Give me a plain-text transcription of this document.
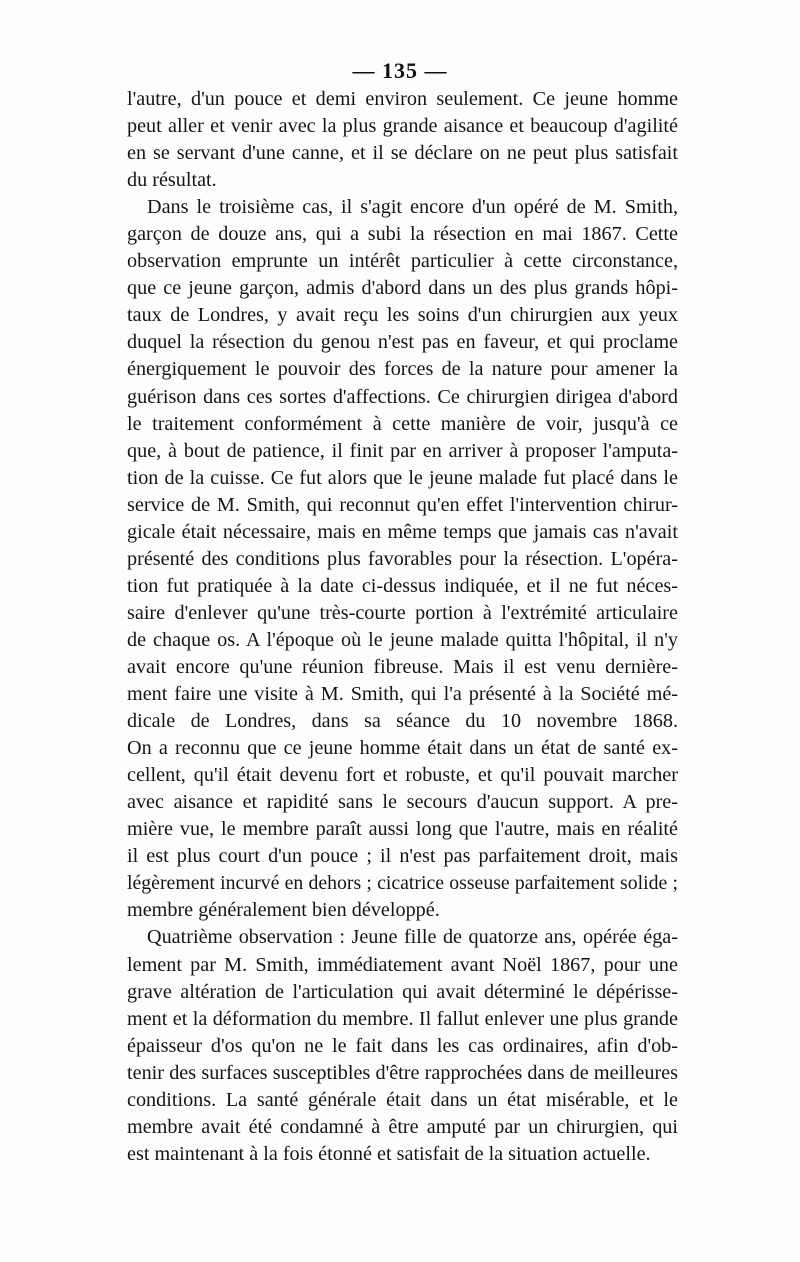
— 135 —

l'autre, d'un pouce et demi environ seulement. Ce jeune homme
peut aller et venir avec la plus grande aisance et beaucoup d'agilité
en se servant d'une canne, et il se déclare on ne peut plus satisfait
du résultat.

Dans le troisième cas, il s'agit encore d'un opéré de M. Smith,
garçon de douze ans, qui a subi la résection en mai 1867. Cette
observation emprunte un intérêt particulier à cette circonstance,
que ce jeune garçon, admis d'abord dans un des plus grands hôpi-
taux de Londres, y avait reçu les soins d'un chirurgien aux yeux
duquel la résection du genou n'est pas en faveur, et qui proclame
énergiquement le pouvoir des forces de la nature pour amener la
guérison dans ces sortes d'affections. Ce chirurgien dirigea d'abord
le traitement conformément à cette manière de voir, jusqu'à ce
que, à bout de patience, il finit par en arriver à proposer l'amputa-
tion de la cuisse. Ce fut alors que le jeune malade fut placé dans le
service de M. Smith, qui reconnut qu'en effet l'intervention chirur-
gicale était nécessaire, mais en même temps que jamais cas n'avait
présenté des conditions plus favorables pour la résection. L'opéra-
tion fut pratiquée à la date ci-dessus indiquée, et il ne fut néces-
saire d'enlever qu'une très-courte portion à l'extrémité articulaire
de chaque os. A l'époque où le jeune malade quitta l'hôpital, il n'y
avait encore qu'une réunion fibreuse. Mais il est venu dernière-
ment faire une visite à M. Smith, qui l'a présenté à la Société mé-
dicale de Londres, dans sa séance du 10 novembre 1868.
On a reconnu que ce jeune homme était dans un état de santé ex-
cellent, qu'il était devenu fort et robuste, et qu'il pouvait marcher
avec aisance et rapidité sans le secours d'aucun support. A pre-
mière vue, le membre paraît aussi long que l'autre, mais en réalité
il est plus court d'un pouce ; il n'est pas parfaitement droit, mais
légèrement incurvé en dehors ; cicatrice osseuse parfaitement solide ;
membre généralement bien développé.

Quatrième observation : Jeune fille de quatorze ans, opérée éga-
lement par M. Smith, immédiatement avant Noël 1867, pour une
grave altération de l'articulation qui avait déterminé le dépérisse-
ment et la déformation du membre. Il fallut enlever une plus grande
épaisseur d'os qu'on ne le fait dans les cas ordinaires, afin d'ob-
tenir des surfaces susceptibles d'être rapprochées dans de meilleures
conditions. La santé générale était dans un état misérable, et le
membre avait été condamné à être amputé par un chirurgien, qui
est maintenant à la fois étonné et satisfait de la situation actuelle.
